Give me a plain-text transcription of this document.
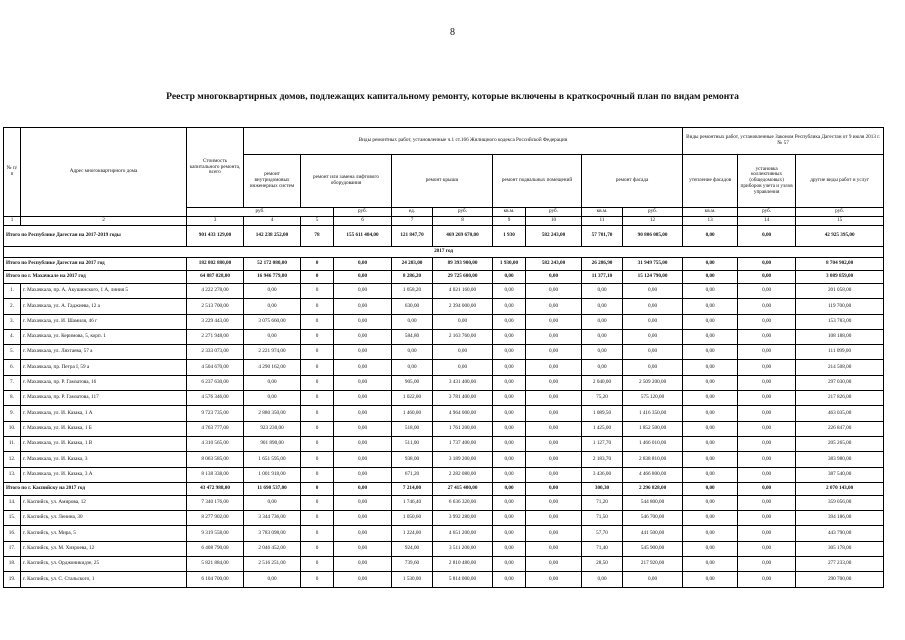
8
Реестр многоквартирных домов, подлежащих капитальному ремонту, которые включены в краткосрочный план по видам ремонта
№ п/п	Адрес многоквартирного дома	Стоимость капитального ремонта, всего	Виды ремонтных работ, установленные ч.1 ст.166 Жилищного кодекса Российской Федерации									Виды ремонтных работ, установленные Законом Республика Дагестан от 9 июля 2013 г. № 57			
			ремонт внутридомовых инженерных систем	ремонт или замена лифтового оборудования		ремонт крыши		ремонт подвальных помещений		ремонт фасада		утепление фасадов	установка коллективных (общедомовых) приборов учета и узлов управления	другие виды работ и услуг	
		руб.			руб.	ед.	руб.	кв.м.	руб.	кв.м.	руб.	кв.м.	руб.	руб.		
1	2	3	4	5	6	7	8	9	10	11	12	13	14	15	
Итого по Республике Дагестан на 2017-2019 годы		901 433 129,00	142 238 252,00	78	155 611 484,00	121 847,70	469 269 670,00	1 930	582 243,00	57 701,70	90 806 085,00	0,00	0,00	42 925 395,00	
2017 год															
Итого по Республике Дагестан на 2017 год		182 802 880,00	52 172 080,00	0	0,00	24 203,00	89 393 900,00	1 930,00	582 243,00	26 286,90	31 949 755,00	0,00	0,00	8 704 902,00	
Итого по г. Махачкале на 2017 год		64 887 028,00	16 946 779,00	0	0,00	8 286,20	29 725 600,00	0,00	0,00	11 377,10	15 124 790,00	0,00	0,00	3 089 859,00	
1.	г. Махачкала, пр. А. Акушинского, 1 А, линия 5	4 222 278,00	0,00	0	0,00	1 058,20	4 021 160,00	0,00	0,00	0,00	0,00	0,00	0,00	201 058,00	
2.	г. Махачкала, ул. А. Гаджиева, 12 а	2 513 700,00	0,00	0	0,00	630,00	2 394 000,00	0,00	0,00	0,00	0,00	0,00	0,00	119 700,00	
3.	г. Махачкала, ул. И. Шамиля, 46 г	3 229 443,00	3 075 660,00	0	0,00	0,00	0,00	0,00	0,00	0,00	0,00	0,00	0,00	153 783,00	
4.	г. Махачкала, ул. Керимова, 5, корп. 1	2 271 948,00	0,00	0	0,00	584,80	2 163 760,00	0,00	0,00	0,00	0,00	0,00	0,00	108 188,00	
5.	г. Махачкала, ул. Ляхтаева, 57 а	2 333 073,00	2 221 974,00	0	0,00	0,00	0,00	0,00	0,00	0,00	0,00	0,00	0,00	111 099,00	
6.	г. Махачкала, пр. Петра I, 59 а	4 504 670,00	4 290 162,00	0	0,00	0,00	0,00	0,00	0,00	0,00	0,00	0,00	0,00	214 508,00	
7.	г. Махачкала, пр. Р. Гамзатова, 16	6 237 630,00	0,00	0	0,00	905,00	3 431 400,00	0,00	0,00	2 040,00	2 509 200,00	0,00	0,00	297 030,00	
8.	г. Махачкала, пр. Р. Гамзатова, 117	4 576 346,00	0,00	0	0,00	1 022,00	3 781 400,00	0,00	0,00	75,20	575 120,00	0,00	0,00	217 826,00	
9.	г. Махачкала, ул. И. Казака, 1 А	9 723 735,00	2 880 350,00	0	0,00	1 460,00	4 964 000,00	0,00	0,00	1 089,50	1 416 350,00	0,00	0,00	463 035,00	
10.	г. Махачкала, ул. И. Казака, 1 Б	4 763 777,00	923 230,00	0	0,00	518,00	1 761 200,00	0,00	0,00	1 425,00	1 852 500,00	0,00	0,00	226 847,00	
11.	г. Махачкала, ул. И. Казака, 1 В	4 310 565,00	901 890,00	0	0,00	511,00	1 737 400,00	0,00	0,00	1 127,70	1 466 010,00	0,00	0,00	205 265,00	
12.	г. Махачкала, ул. И. Казака, 3	8 063 585,00	1 651 595,00	0	0,00	938,00	3 189 200,00	0,00	0,00	2 183,70	2 838 810,00	0,00	0,00	383 980,00	
13.	г. Махачкала, ул. И. Казака, 3 А	8 138 338,00	1 001 918,00	0	0,00	671,20	2 282 080,00	0,00	0,00	3 436,00	4 466 800,00	0,00	0,00	387 540,00	
Итого по г. Каспийску на 2017 год		43 472 988,00	11 690 537,00	0	0,00	7 214,00	27 415 400,00	0,00	0,00	300,30	2 296 828,00	0,00	0,00	2 070 143,00	
14.	г. Каспийск, ул. Амирова, 12	7 340 176,00	0,00	0	0,00	1 746,40	6 636 320,00	0,00	0,00	71,20	544 800,00	0,00	0,00	359 056,00	
15.	г. Каспийск, ул. Ленина, 30	8 277 902,00	3 344 736,00	0	0,00	1 050,60	3 992 280,00	0,00	0,00	71,50	546 700,00	0,00	0,00	394 186,00	
16.	г. Каспийск, ул. Мира, 5	9 319 558,00	3 783 098,00	0	0,00	1 224,00	4 651 200,00	0,00	0,00	57,70	441 500,00	0,00	0,00	443 790,00	
17.	г. Каспийск, ул. М. Хизроева, 12	6 408 790,00	2 046 452,00	0	0,00	924,00	3 511 200,00	0,00	0,00	71,40	545 900,00	0,00	0,00	305 178,00	
18.	г. Каспийск, ул. Орджоникидзе, 25	5 821 884,00	2 516 251,00	0	0,00	739,60	2 810 480,00	0,00	0,00	28,50	217 920,00	0,00	0,00	277 233,00	
19.	г. Каспийск, ул. С. Стальского, 1	6 104 700,00	0,00	0	0,00	1 530,00	5 814 000,00	0,00	0,00	0,00	0,00	0,00	0,00	290 700,00	
